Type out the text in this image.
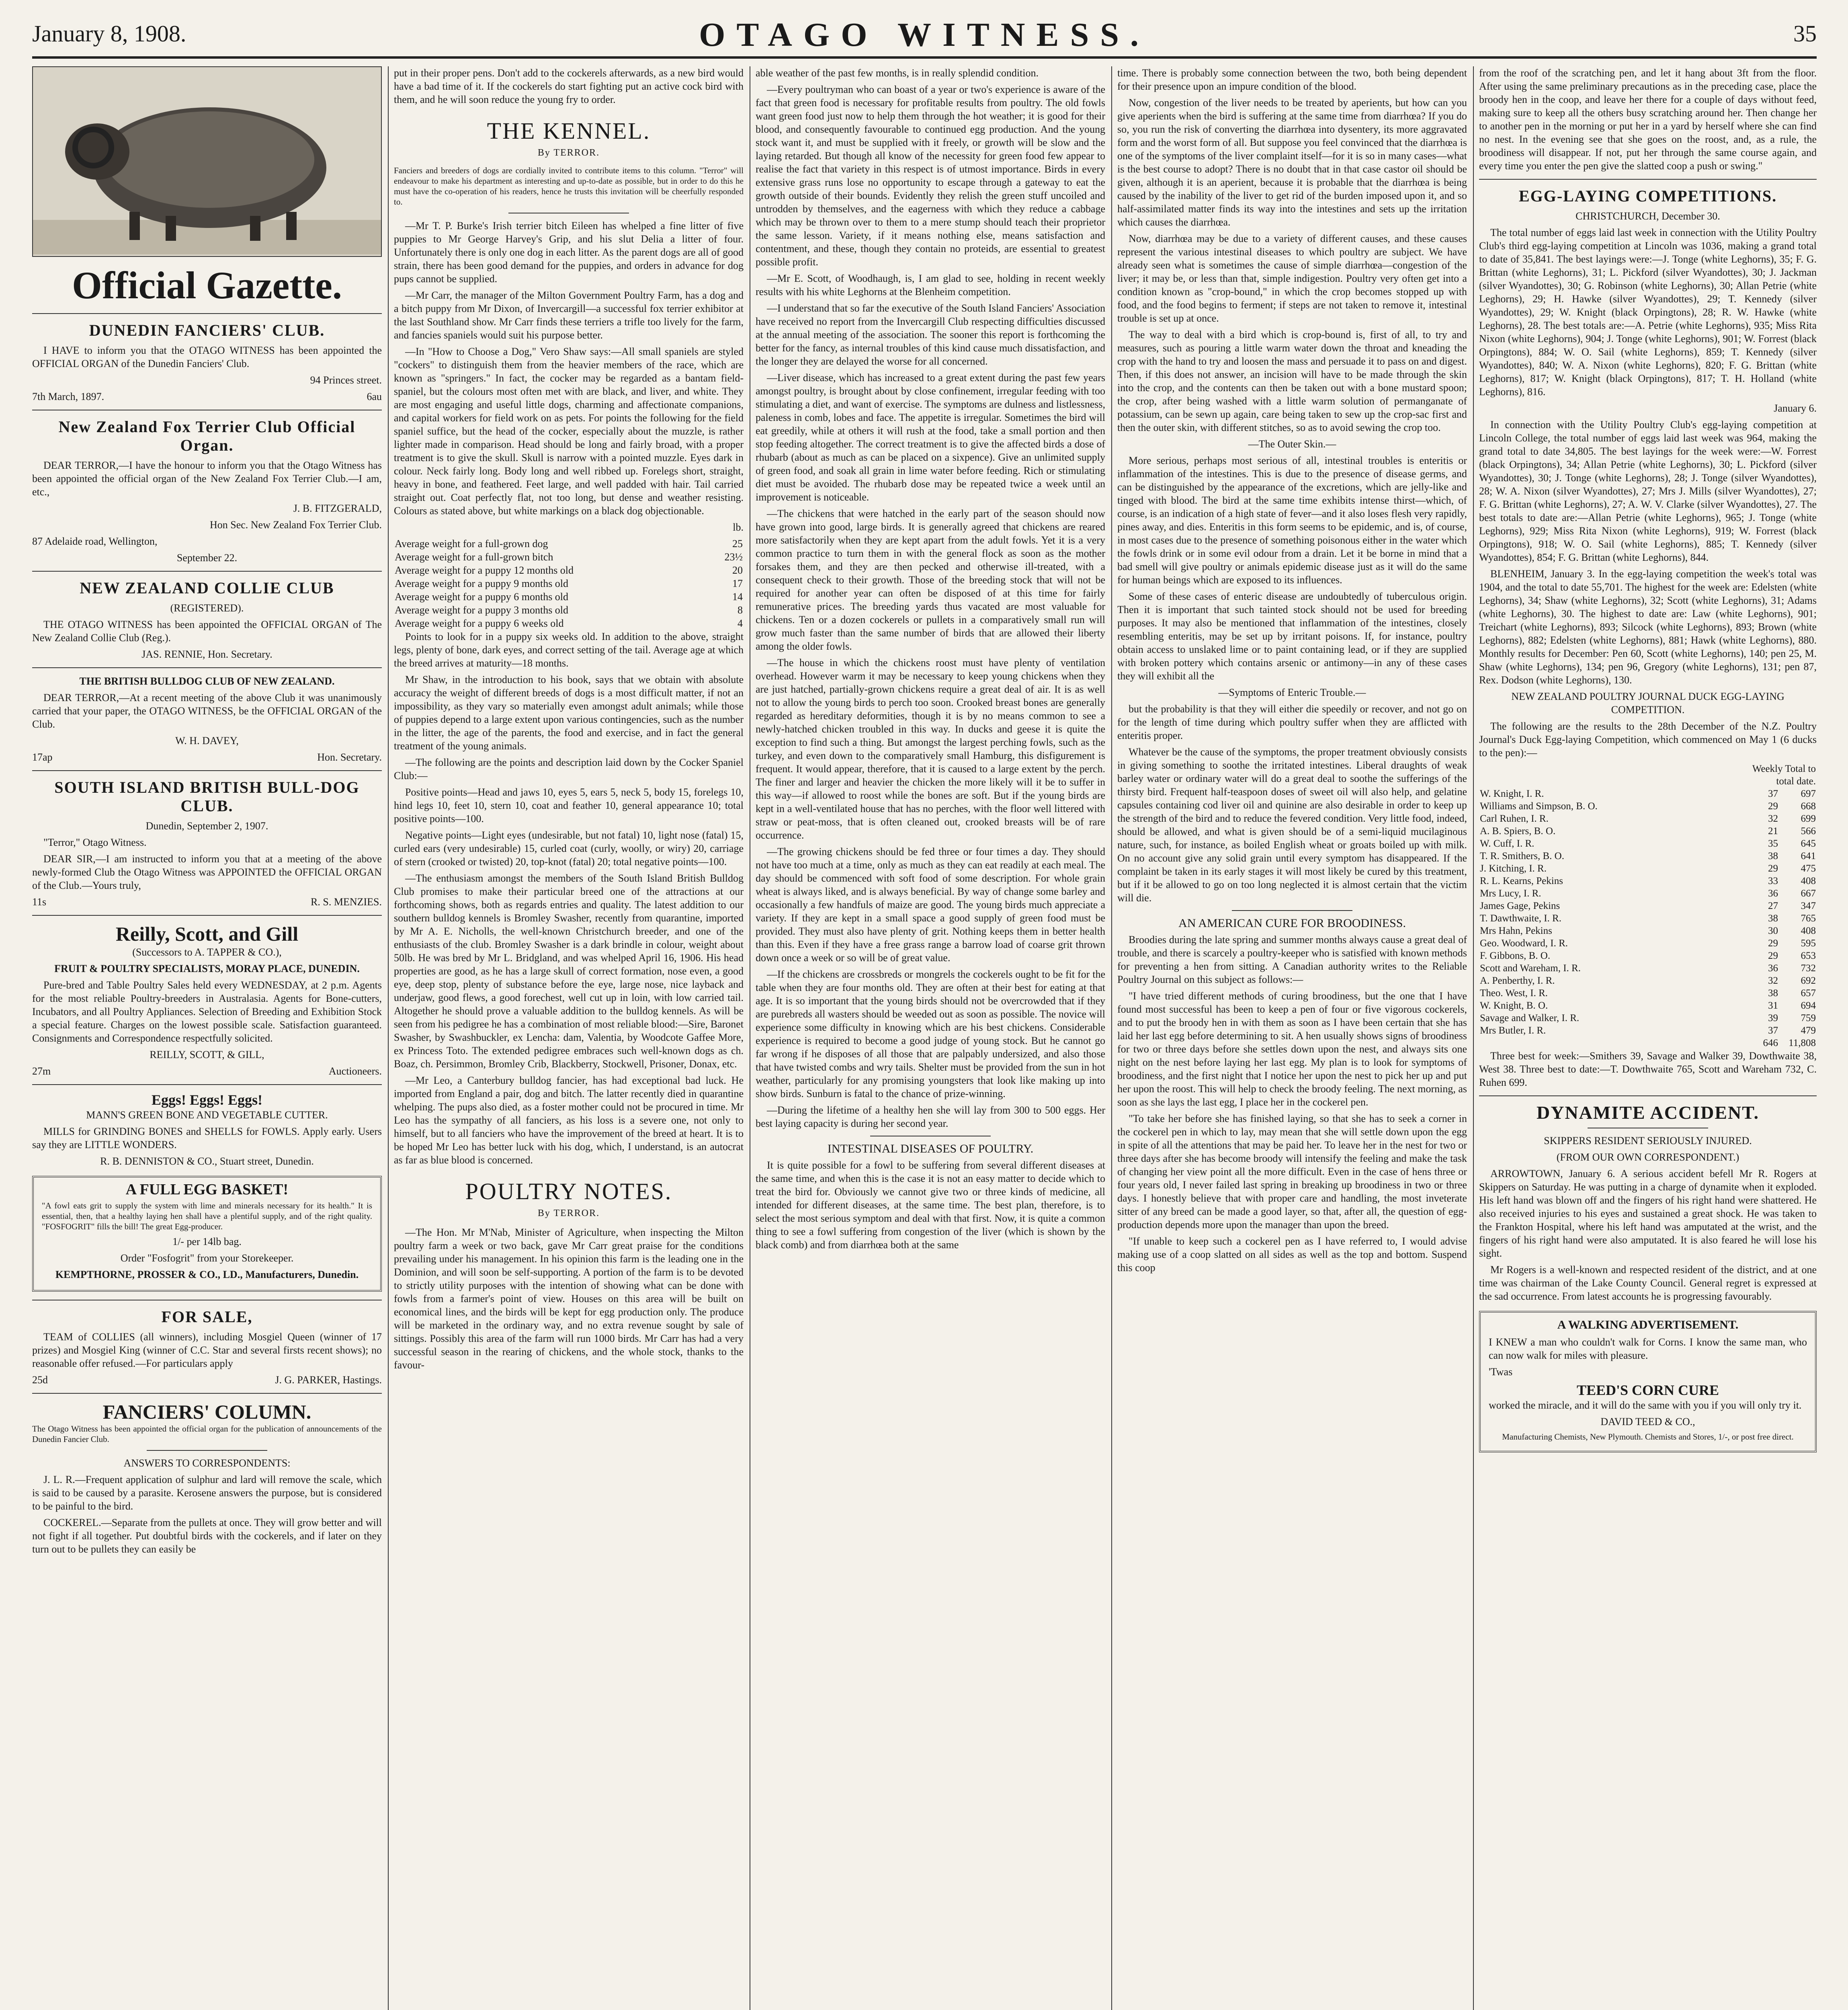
January 8, 1908.	OTAGO WITNESS.	35
Official Gazette.
DUNEDIN FANCIERS' CLUB.

I HAVE to inform you that the OTAGO WITNESS has been appointed the OFFICIAL ORGAN of the Dunedin Fanciers' Club.

94 Princes street.

7th March, 1897.	6au

New Zealand Fox Terrier Club Official Organ.

DEAR TERROR,—I have the honour to inform you that the Otago Witness has been appointed the official organ of the New Zealand Fox Terrier Club.—I am, etc.,

J. B. FITZGERALD,

Hon Sec. New Zealand Fox Terrier Club.

87 Adelaide road, Wellington,

September 22.

NEW ZEALAND COLLIE CLUB

(REGISTERED).

THE OTAGO WITNESS has been appointed the OFFICIAL ORGAN of The New Zealand Collie Club (Reg.).

JAS. RENNIE, Hon. Secretary.

THE BRITISH BULLDOG CLUB OF NEW ZEALAND.

DEAR TERROR,—At a recent meeting of the above Club it was unanimously carried that your paper, the OTAGO WITNESS, be the OFFICIAL ORGAN of the Club.

W. H. DAVEY,

17ap	Hon. Secretary.

SOUTH ISLAND BRITISH BULL-DOG CLUB.

Dunedin, September 2, 1907.

"Terror," Otago Witness.

DEAR SIR,—I am instructed to inform you that at a meeting of the above newly-formed Club the Otago Witness was APPOINTED the OFFICIAL ORGAN of the Club.—Yours truly,

11s	R. S. MENZIES.

Reilly, Scott, and Gill

(Successors to A. TAPPER & CO.),

FRUIT & POULTRY SPECIALISTS, MORAY PLACE, DUNEDIN.

Pure-bred and Table Poultry Sales held every WEDNESDAY, at 2 p.m. Agents for the most reliable Poultry-breeders in Australasia. Agents for Bone-cutters, Incubators, and all Poultry Appliances. Selection of Breeding and Exhibition Stock a special feature. Charges on the lowest possible scale. Satisfaction guaranteed. Consignments and Correspondence respectfully solicited.

REILLY, SCOTT, & GILL,

27m	Auctioneers.

Eggs! Eggs! Eggs!

MANN'S GREEN BONE AND VEGETABLE CUTTER.

MILLS for GRINDING BONES and SHELLS for FOWLS. Apply early. Users say they are LITTLE WONDERS.

R. B. DENNISTON & CO., Stuart street, Dunedin.

A FULL EGG BASKET!

"A fowl eats grit to supply the system with lime and minerals necessary for its health." It is essential, then, that a healthy laying hen shall have a plentiful supply, and of the right quality. "FOSFOGRIT" fills the bill! The great Egg-producer.

1/- per 14lb bag.

Order "Fosfogrit" from your Storekeeper.

KEMPTHORNE, PROSSER & CO., LD., Manufacturers, Dunedin.

FOR SALE,

TEAM of COLLIES (all winners), including Mosgiel Queen (winner of 17 prizes) and Mosgiel King (winner of C.C. Star and several firsts recent shows); no reasonable offer refused.—For particulars apply

25d	J. G. PARKER, Hastings.

FANCIERS' COLUMN.

The Otago Witness has been appointed the official organ for the publication of announcements of the Dunedin Fancier Club.

ANSWERS TO CORRESPONDENTS:

J. L. R.—Frequent application of sulphur and lard will remove the scale, which is said to be caused by a parasite. Kerosene answers the purpose, but is considered to be painful to the bird.

COCKEREL.—Separate from the pullets at once. They will grow better and will not fight if all together. Put doubtful birds with the cockerels, and if later on they turn out to be pullets they can easily be

put in their proper pens. Don't add to the cockerels afterwards, as a new bird would have a bad time of it. If the cockerels do start fighting put an active cock bird with them, and he will soon reduce the young fry to order.

THE KENNEL.
By TERROR.

Fanciers and breeders of dogs are cordially invited to contribute items to this column. "Terror" will endeavour to make his department as interesting and up-to-date as possible, but in order to do this he must have the co-operation of his readers, hence he trusts this invitation will be cheerfully responded to.

—Mr T. P. Burke's Irish terrier bitch Eileen has whelped a fine litter of five puppies to Mr George Harvey's Grip, and his slut Delia a litter of four. Unfortunately there is only one dog in each litter. As the parent dogs are all of good strain, there has been good demand for the puppies, and orders in advance for dog pups cannot be supplied.

—Mr Carr, the manager of the Milton Government Poultry Farm, has a dog and a bitch puppy from Mr Dixon, of Invercargill—a successful fox terrier exhibitor at the last Southland show. Mr Carr finds these terriers a trifle too lively for the farm, and fancies spaniels would suit his purpose better.

—In "How to Choose a Dog," Vero Shaw says:—All small spaniels are styled "cockers" to distinguish them from the heavier members of the race, which are known as "springers." In fact, the cocker may be regarded as a bantam field-spaniel, but the colours most often met with are black, and liver, and white. They are most engaging and useful little dogs, charming and affectionate companions, and capital workers for field work on as pets. For points the following for the field spaniel suffice, but the head of the cocker, especially about the muzzle, is rather lighter made in comparison. Head should be long and fairly broad, with a proper treatment is to give the skull. Skull is narrow with a pointed muzzle. Eyes dark in colour. Neck fairly long. Body long and well ribbed up. Forelegs short, straight, heavy in bone, and feathered. Feet large, and well padded with hair. Tail carried straight out. Coat perfectly flat, not too long, but dense and weather resisting. Colours as stated above, but white markings on a black dog objectionable.

lb.

Average weight for a full-grown dog	25
Average weight for a full-grown bitch	23½
Average weight for a puppy 12 months old	20
Average weight for a puppy 9 months old	17
Average weight for a puppy 6 months old	14
Average weight for a puppy 3 months old	8
Average weight for a puppy 6 weeks old	4

Points to look for in a puppy six weeks old. In addition to the above, straight legs, plenty of bone, dark eyes, and correct setting of the tail. Average age at which the breed arrives at maturity—18 months.

Mr Shaw, in the introduction to his book, says that we obtain with absolute accuracy the weight of different breeds of dogs is a most difficult matter, if not an impossibility, as they vary so materially even amongst adult animals; while those of puppies depend to a large extent upon various contingencies, such as the number in the litter, the age of the parents, the food and exercise, and in fact the general treatment of the young animals.

—The following are the points and description laid down by the Cocker Spaniel Club:—

Positive points—Head and jaws 10, eyes 5, ears 5, neck 5, body 15, forelegs 10, hind legs 10, feet 10, stern 10, coat and feather 10, general appearance 10; total positive points—100.

Negative points—Light eyes (undesirable, but not fatal) 10, light nose (fatal) 15, curled ears (very undesirable) 15, curled coat (curly, woolly, or wiry) 20, carriage of stern (crooked or twisted) 20, top-knot (fatal) 20; total negative points—100.

—The enthusiasm amongst the members of the South Island British Bulldog Club promises to make their particular breed one of the attractions at our forthcoming shows, both as regards entries and quality. The latest addition to our southern bulldog kennels is Bromley Swasher, recently from quarantine, imported by Mr A. E. Nicholls, the well-known Christchurch breeder, and one of the enthusiasts of the club. Bromley Swasher is a dark brindle in colour, weight about 50lb. He was bred by Mr L. Bridgland, and was whelped April 16, 1906. His head properties are good, as he has a large skull of correct formation, nose even, a good eye, deep stop, plenty of substance before the eye, large nose, nice layback and underjaw, good flews, a good forechest, well cut up in loin, with low carried tail. Altogether he should prove a valuable addition to the bulldog kennels. As will be seen from his pedigree he has a combination of most reliable blood:—Sire, Baronet Swasher, by Swashbuckler, ex Lencha: dam, Valentia, by Woodcote Gaffee More, ex Princess Toto. The extended pedigree embraces such well-known dogs as ch. Boaz, ch. Persimmon, Bromley Crib, Blackberry, Stockwell, Prisoner, Donax, etc.

—Mr Leo, a Canterbury bulldog fancier, has had exceptional bad luck. He imported from England a pair, dog and bitch. The latter recently died in quarantine whelping. The pups also died, as a foster mother could not be procured in time. Mr Leo has the sympathy of all fanciers, as his loss is a severe one, not only to himself, but to all fanciers who have the improvement of the breed at heart. It is to be hoped Mr Leo has better luck with his dog, which, I understand, is an autocrat as far as blue blood is concerned.

POULTRY NOTES.
By TERROR.

—The Hon. Mr M'Nab, Minister of Agriculture, when inspecting the Milton poultry farm a week or two back, gave Mr Carr great praise for the conditions prevailing under his management. In his opinion this farm is the leading one in the Dominion, and will soon be self-supporting. A portion of the farm is to be devoted to strictly utility purposes with the intention of showing what can be done with fowls from a farmer's point of view. Houses on this area will be built on economical lines, and the birds will be kept for egg production only. The produce will be marketed in the ordinary way, and no extra revenue sought by sale of sittings. Possibly this area of the farm will run 1000 birds. Mr Carr has had a very successful season in the rearing of chickens, and the whole stock, thanks to the favour-

able weather of the past few months, is in really splendid condition.

—Every poultryman who can boast of a year or two's experience is aware of the fact that green food is necessary for profitable results from poultry. The old fowls want green food just now to help them through the hot weather; it is good for their blood, and consequently favourable to continued egg production. And the young stock want it, and must be supplied with it freely, or growth will be slow and the laying retarded. But though all know of the necessity for green food few appear to realise the fact that variety in this respect is of utmost importance. Birds in every extensive grass runs lose no opportunity to escape through a gateway to eat the growth outside of their bounds. Evidently they relish the green stuff uncoiled and untrodden by themselves, and the eagerness with which they reduce a cabbage which may be thrown over to them to a mere stump should teach their proprietor the same lesson. Variety, if it means nothing else, means satisfaction and contentment, and these, though they contain no proteids, are essential to greatest possible profit.

—Mr E. Scott, of Woodhaugh, is, I am glad to see, holding in recent weekly results with his white Leghorns at the Blenheim competition.

—I understand that so far the executive of the South Island Fanciers' Association have received no report from the Invercargill Club respecting difficulties discussed at the annual meeting of the association. The sooner this report is forthcoming the better for the fancy, as internal troubles of this kind cause much dissatisfaction, and the longer they are delayed the worse for all concerned.

—Liver disease, which has increased to a great extent during the past few years amongst poultry, is brought about by close confinement, irregular feeding with too stimulating a diet, and want of exercise. The symptoms are dulness and listlessness, paleness in comb, lobes and face. The appetite is irregular. Sometimes the bird will eat greedily, while at others it will rush at the food, take a small portion and then stop feeding altogether. The correct treatment is to give the affected birds a dose of rhubarb (about as much as can be placed on a sixpence). Give an unlimited supply of green food, and soak all grain in lime water before feeding. Rich or stimulating diet must be avoided. The rhubarb dose may be repeated twice a week until an improvement is noticeable.

—The chickens that were hatched in the early part of the season should now have grown into good, large birds. It is generally agreed that chickens are reared more satisfactorily when they are kept apart from the adult fowls. Yet it is a very common practice to turn them in with the general flock as soon as the mother forsakes them, and they are then pecked and otherwise ill-treated, with a consequent check to their growth. Those of the breeding stock that will not be required for another year can often be disposed of at this time for fairly remunerative prices. The breeding yards thus vacated are most valuable for chickens. Ten or a dozen cockerels or pullets in a comparatively small run will grow much faster than the same number of birds that are allowed their liberty among the older fowls.

—The house in which the chickens roost must have plenty of ventilation overhead. However warm it may be necessary to keep young chickens when they are just hatched, partially-grown chickens require a great deal of air. It is as well not to allow the young birds to perch too soon. Crooked breast bones are generally regarded as hereditary deformities, though it is by no means common to see a newly-hatched chicken troubled in this way. In ducks and geese it is quite the exception to find such a thing. But amongst the largest perching fowls, such as the turkey, and even down to the comparatively small Hamburg, this disfigurement is frequent. It would appear, therefore, that it is caused to a large extent by the perch. The finer and larger and heavier the chicken the more likely will it be to suffer in this way—if allowed to roost while the bones are soft. But if the young birds are kept in a well-ventilated house that has no perches, with the floor well littered with straw or peat-moss, that is often cleaned out, crooked breasts will be of rare occurrence.

—The growing chickens should be fed three or four times a day. They should not have too much at a time, only as much as they can eat readily at each meal. The day should be commenced with soft food of some description. For whole grain wheat is always liked, and is always beneficial. By way of change some barley and occasionally a few handfuls of maize are good. The young birds much appreciate a variety. If they are kept in a small space a good supply of green food must be provided. They must also have plenty of grit. Nothing keeps them in better health than this. Even if they have a free grass range a barrow load of coarse grit thrown down once a week or so will be of great value.

—If the chickens are crossbreds or mongrels the cockerels ought to be fit for the table when they are four months old. They are often at their best for eating at that age. It is so important that the young birds should not be overcrowded that if they are purebreds all wasters should be weeded out as soon as possible. The novice will experience some difficulty in knowing which are his best chickens. Considerable experience is required to become a good judge of young stock. But he cannot go far wrong if he disposes of all those that are palpably undersized, and also those that have twisted combs and wry tails. Shelter must be provided from the sun in hot weather, particularly for any promising youngsters that look like making up into show birds. Sunburn is fatal to the chance of prize-winning.

—During the lifetime of a healthy hen she will lay from 300 to 500 eggs. Her best laying capacity is during her second year.

INTESTINAL DISEASES OF POULTRY.

It is quite possible for a fowl to be suffering from several different diseases at the same time, and when this is the case it is not an easy matter to decide which to treat the bird for. Obviously we cannot give two or three kinds of medicine, all intended for different diseases, at the same time. The best plan, therefore, is to select the most serious symptom and deal with that first. Now, it is quite a common thing to see a fowl suffering from congestion of the liver (which is shown by the black comb) and from diarrhœa both at the same

time. There is probably some connection between the two, both being dependent for their presence upon an impure condition of the blood.

Now, congestion of the liver needs to be treated by aperients, but how can you give aperients when the bird is suffering at the same time from diarrhœa? If you do so, you run the risk of converting the diarrhœa into dysentery, its more aggravated form and the worst form of all. But suppose you feel convinced that the diarrhœa is one of the symptoms of the liver complaint itself—for it is so in many cases—what is the best course to adopt? There is no doubt that in that case castor oil should be given, although it is an aperient, because it is probable that the diarrhœa is being caused by the inability of the liver to get rid of the burden imposed upon it, and so half-assimilated matter finds its way into the intestines and sets up the irritation which causes the diarrhœa.

Now, diarrhœa may be due to a variety of different causes, and these causes represent the various intestinal diseases to which poultry are subject. We have already seen what is sometimes the cause of simple diarrhœa—congestion of the liver; it may be, or less than that, simple indigestion. Poultry very often get into a condition known as "crop-bound," in which the crop becomes stopped up with food, and the food begins to ferment; if steps are not taken to remove it, intestinal trouble is set up at once.

The way to deal with a bird which is crop-bound is, first of all, to try and measures, such as pouring a little warm water down the throat and kneading the crop with the hand to try and loosen the mass and persuade it to pass on and digest. Then, if this does not answer, an incision will have to be made through the skin into the crop, and the contents can then be taken out with a bone mustard spoon; the crop, after being washed with a little warm solution of permanganate of potassium, can be sewn up again, care being taken to sew up the crop-sac first and then the outer skin, with different stitches, so as to avoid sewing the crop too.

—The Outer Skin.—

More serious, perhaps most serious of all, intestinal troubles is enteritis or inflammation of the intestines. This is due to the presence of disease germs, and can be distinguished by the appearance of the excretions, which are jelly-like and tinged with blood. The bird at the same time exhibits intense thirst—which, of course, is an indication of a high state of fever—and it also loses flesh very rapidly, pines away, and dies. Enteritis in this form seems to be epidemic, and is, of course, in most cases due to the presence of something poisonous either in the water which the fowls drink or in some evil odour from a drain. Let it be borne in mind that a bad smell will give poultry or animals epidemic disease just as it will do the same for human beings which are exposed to its influences.

Some of these cases of enteric disease are undoubtedly of tuberculous origin. Then it is important that such tainted stock should not be used for breeding purposes. It may also be mentioned that inflammation of the intestines, closely resembling enteritis, may be set up by irritant poisons. If, for instance, poultry obtain access to unslaked lime or to paint containing lead, or if they are supplied with broken pottery which contains arsenic or antimony—in any of these cases they will exhibit all the

—Symptoms of Enteric Trouble.—

but the probability is that they will either die speedily or recover, and not go on for the length of time during which poultry suffer when they are afflicted with enteritis proper.

Whatever be the cause of the symptoms, the proper treatment obviously consists in giving something to soothe the irritated intestines. Liberal draughts of weak barley water or ordinary water will do a great deal to soothe the sufferings of the thirsty bird. Frequent half-teaspoon doses of sweet oil will also help, and gelatine capsules containing cod liver oil and quinine are also desirable in order to keep up the strength of the bird and to reduce the fevered condition. Very little food, indeed, should be allowed, and what is given should be of a semi-liquid mucilaginous nature, such, for instance, as boiled English wheat or groats boiled up with milk. On no account give any solid grain until every symptom has disappeared. If the complaint be taken in its early stages it will most likely be cured by this treatment, but if it be allowed to go on too long neglected it is almost certain that the victim will die.

AN AMERICAN CURE FOR BROODINESS.

Broodies during the late spring and summer months always cause a great deal of trouble, and there is scarcely a poultry-keeper who is satisfied with known methods for preventing a hen from sitting. A Canadian authority writes to the Reliable Poultry Journal on this subject as follows:—

"I have tried different methods of curing broodiness, but the one that I have found most successful has been to keep a pen of four or five vigorous cockerels, and to put the broody hen in with them as soon as I have been certain that she has laid her last egg before determining to sit. A hen usually shows signs of broodiness for two or three days before she settles down upon the nest, and always sits one night on the nest before laying her last egg. My plan is to look for symptoms of broodiness, and the first night that I notice her upon the nest to pick her up and put her upon the roost. This will help to check the broody feeling. The next morning, as soon as she lays the last egg, I place her in the cockerel pen.

"To take her before she has finished laying, so that she has to seek a corner in the cockerel pen in which to lay, may mean that she will settle down upon the egg in spite of all the attentions that may be paid her. To leave her in the nest for two or three days after she has become broody will intensify the feeling and make the task of changing her view point all the more difficult. Even in the case of hens three or four years old, I never failed last spring in breaking up broodiness in two or three days. I honestly believe that with proper care and handling, the most inveterate sitter of any breed can be made a good layer, so that, after all, the question of egg-production depends more upon the manager than upon the breed.

"If unable to keep such a cockerel pen as I have referred to, I would advise making use of a coop slatted on all sides as well as the top and bottom. Suspend this coop

from the roof of the scratching pen, and let it hang about 3ft from the floor. After using the same preliminary precautions as in the preceding case, place the broody hen in the coop, and leave her there for a couple of days without feed, making sure to keep all the others busy scratching around her. Then change her to another pen in the morning or put her in a yard by herself where she can find no nest. In the evening see that she goes on the roost, and, as a rule, the broodiness will disappear. If not, put her through the same course again, and every time you enter the pen give the slatted coop a push or swing."

EGG-LAYING COMPETITIONS.

CHRISTCHURCH, December 30.

The total number of eggs laid last week in connection with the Utility Poultry Club's third egg-laying competition at Lincoln was 1036, making a grand total to date of 35,841. The best layings were:—J. Tonge (white Leghorns), 35; F. G. Brittan (white Leghorns), 31; L. Pickford (silver Wyandottes), 30; J. Jackman (silver Wyandottes), 30; G. Robinson (white Leghorns), 30; Allan Petrie (white Leghorns), 29; H. Hawke (silver Wyandottes), 29; T. Kennedy (silver Wyandottes), 29; W. Knight (black Orpingtons), 28; R. W. Hawke (white Leghorns), 28. The best totals are:—A. Petrie (white Leghorns), 935; Miss Rita Nixon (white Leghorns), 904; J. Tonge (white Leghorns), 901; W. Forrest (black Orpingtons), 884; W. O. Sail (white Leghorns), 859; T. Kennedy (silver Wyandottes), 840; W. A. Nixon (white Leghorns), 820; F. G. Brittan (white Leghorns), 817; W. Knight (black Orpingtons), 817; T. H. Holland (white Leghorns), 816.

January 6.

In connection with the Utility Poultry Club's egg-laying competition at Lincoln College, the total number of eggs laid last week was 964, making the grand total to date 34,805. The best layings for the week were:—W. Forrest (black Orpingtons), 34; Allan Petrie (white Leghorns), 30; L. Pickford (silver Wyandottes), 30; J. Tonge (white Leghorns), 28; J. Tonge (silver Wyandottes), 28; W. A. Nixon (silver Wyandottes), 27; Mrs J. Mills (silver Wyandottes), 27; F. G. Brittan (white Leghorns), 27; A. W. V. Clarke (silver Wyandottes), 27. The best totals to date are:—Allan Petrie (white Leghorns), 965; J. Tonge (white Leghorns), 929; Miss Rita Nixon (white Leghorns), 919; W. Forrest (black Orpingtons), 918; W. O. Sail (white Leghorns), 885; T. Kennedy (silver Wyandottes), 854; F. G. Brittan (white Leghorns), 844.

BLENHEIM, January 3. In the egg-laying competition the week's total was 1904, and the total to date 55,701. The highest for the week are: Edelsten (white Leghorns), 34; Shaw (white Leghorns), 32; Scott (white Leghorns), 31; Adams (white Leghorns), 30. The highest to date are: Law (white Leghorns), 901; Treichart (white Leghorns), 893; Silcock (white Leghorns), 893; Brown (white Leghorns), 882; Edelsten (white Leghorns), 881; Hawk (white Leghorns), 880. Monthly results for December: Pen 60, Scott (white Leghorns), 140; pen 25, M. Shaw (white Leghorns), 134; pen 96, Gregory (white Leghorns), 131; pen 87, Rex. Dodson (white Leghorns), 130.

NEW ZEALAND POULTRY JOURNAL DUCK EGG-LAYING COMPETITION.

The following are the results to the 28th December of the N.Z. Poultry Journal's Duck Egg-laying Competition, which commenced on May 1 (6 ducks to the pen):—

	Weekly Total to
total date.	
W. Knight, I. R.	37	697
Williams and Simpson, B. O.	29	668
Carl Ruhen, I. R.	32	699
A. B. Spiers, B. O.	21	566
W. Cuff, I. R.	35	645
T. R. Smithers, B. O.	38	641
J. Kitching, I. R.	29	475
R. L. Kearns, Pekins	33	408
Mrs Lucy, I. R.	36	667
James Gage, Pekins	27	347
T. Dawthwaite, I. R.	38	765
Mrs Hahn, Pekins	30	408
Geo. Woodward, I. R.	29	595
F. Gibbons, B. O.	29	653
Scott and Wareham, I. R.	36	732
A. Penberthy, I. R.	32	692
Theo. West, I. R.	38	657
W. Knight, B. O.	31	694
Savage and Walker, I. R.	39	759
Mrs Butler, I. R.	37	479
	646	11,808

Three best for week:—Smithers 39, Savage and Walker 39, Dowthwaite 38, West 38. Three best to date:—T. Dowthwaite 765, Scott and Wareham 732, C. Ruhen 699.

DYNAMITE ACCIDENT.

SKIPPERS RESIDENT SERIOUSLY INJURED.

(FROM OUR OWN CORRESPONDENT.)

ARROWTOWN, January 6. A serious accident befell Mr R. Rogers at Skippers on Saturday. He was putting in a charge of dynamite when it exploded. His left hand was blown off and the fingers of his right hand were shattered. He also received injuries to his eyes and sustained a great shock. He was taken to the Frankton Hospital, where his left hand was amputated at the wrist, and the fingers of his right hand were also amputated. It is also feared he will lose his sight.

Mr Rogers is a well-known and respected resident of the district, and at one time was chairman of the Lake County Council. General regret is expressed at the sad occurrence. From latest accounts he is progressing favourably.

A WALKING ADVERTISEMENT.

I KNEW a man who couldn't walk for Corns. I know the same man, who can now walk for miles with pleasure.

'Twas

TEED'S CORN CURE

worked the miracle, and it will do the same with you if you will only try it.

DAVID TEED & CO.,

Manufacturing Chemists, New Plymouth. Chemists and Stores, 1/-, or post free direct.
